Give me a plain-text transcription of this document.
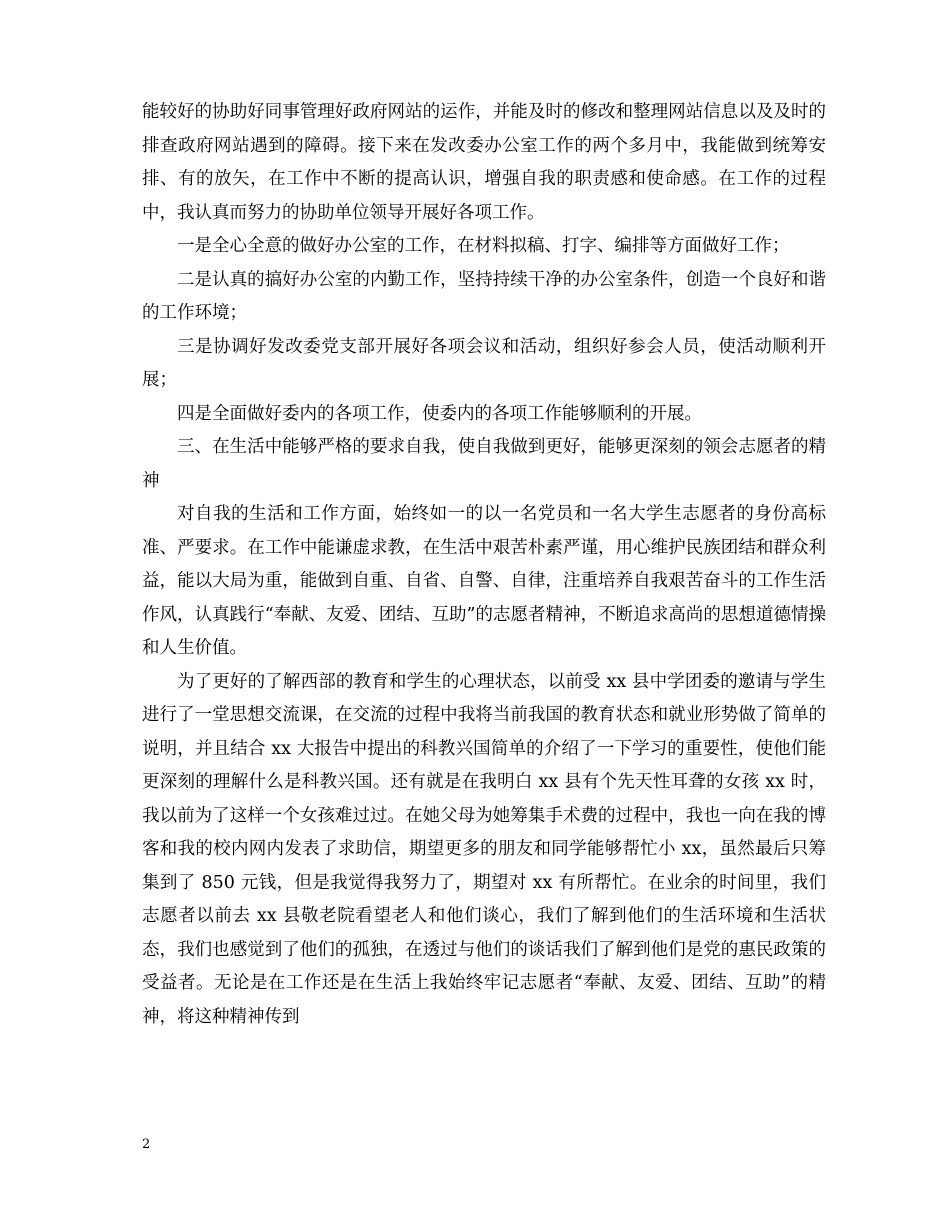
能较好的协助好同事管理好政府网站的运作，并能及时的修改和整理网站信息以及及时的排查政府网站遇到的障碍。接下来在发改委办公室工作的两个多月中，我能做到统筹安排、有的放矢，在工作中不断的提高认识，增强自我的职责感和使命感。在工作的过程中，我认真而努力的协助单位领导开展好各项工作。

一是全心全意的做好办公室的工作，在材料拟稿、打字、编排等方面做好工作；

二是认真的搞好办公室的内勤工作，坚持持续干净的办公室条件，创造一个良好和谐的工作环境；

三是协调好发改委党支部开展好各项会议和活动，组织好参会人员，使活动顺利开展；

四是全面做好委内的各项工作，使委内的各项工作能够顺利的开展。

三、在生活中能够严格的要求自我，使自我做到更好，能够更深刻的领会志愿者的精神

对自我的生活和工作方面，始终如一的以一名党员和一名大学生志愿者的身份高标准、严要求。在工作中能谦虚求教，在生活中艰苦朴素严谨，用心维护民族团结和群众利益，能以大局为重，能做到自重、自省、自警、自律，注重培养自我艰苦奋斗的工作生活作风，认真践行“奉献、友爱、团结、互助”的志愿者精神，不断追求高尚的思想道德情操和人生价值。

为了更好的了解西部的教育和学生的心理状态，以前受 xx 县中学团委的邀请与学生进行了一堂思想交流课，在交流的过程中我将当前我国的教育状态和就业形势做了简单的说明，并且结合 xx 大报告中提出的科教兴国简单的介绍了一下学习的重要性，使他们能更深刻的理解什么是科教兴国。还有就是在我明白 xx 县有个先天性耳聋的女孩 xx 时，我以前为了这样一个女孩难过过。在她父母为她筹集手术费的过程中，我也一向在我的博客和我的校内网内发表了求助信，期望更多的朋友和同学能够帮忙小 xx，虽然最后只筹集到了 850 元钱，但是我觉得我努力了，期望对 xx 有所帮忙。在业余的时间里，我们志愿者以前去 xx 县敬老院看望老人和他们谈心，我们了解到他们的生活环境和生活状态，我们也感觉到了他们的孤独，在透过与他们的谈话我们了解到他们是党的惠民政策的受益者。无论是在工作还是在生活上我始终牢记志愿者“奉献、友爱、团结、互助”的精神，将这种精神传到

2
